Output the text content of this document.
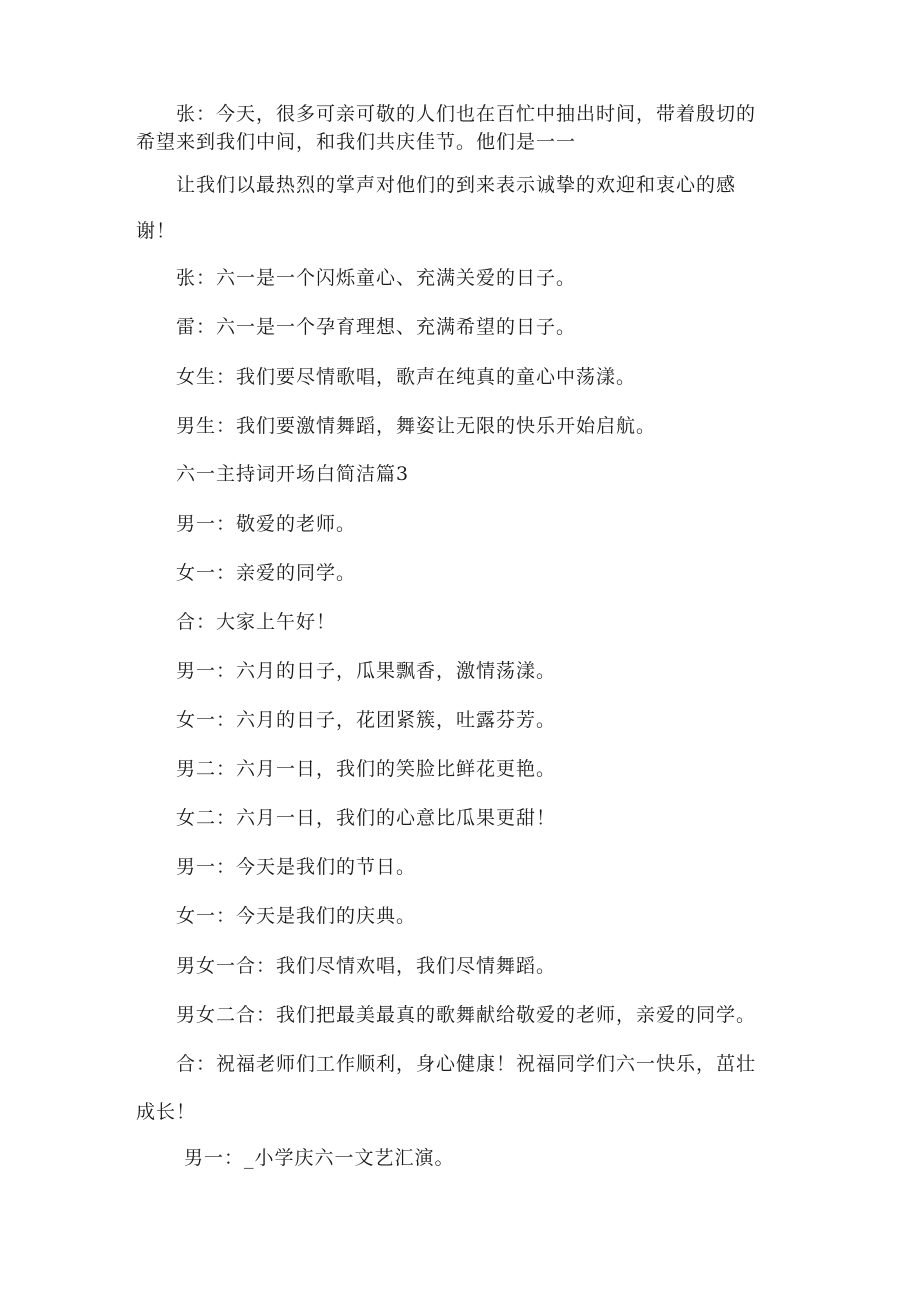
张：今天，很多可亲可敬的人们也在百忙中抽出时间，带着殷切的
希望来到我们中间，和我们共庆佳节。他们是一一
让我们以最热烈的掌声对他们的到来表示诚挚的欢迎和衷心的感
谢！
张：六一是一个闪烁童心、充满关爱的日子。
雷：六一是一个孕育理想、充满希望的日子。
女生：我们要尽情歌唱，歌声在纯真的童心中荡漾。
男生：我们要激情舞蹈，舞姿让无限的快乐开始启航。
六一主持词开场白简洁篇3
男一：敬爱的老师。
女一：亲爱的同学。
合：大家上午好！
男一：六月的日子，瓜果飘香，激情荡漾。
女一：六月的日子，花团紧簇，吐露芬芳。
男二：六月一日，我们的笑脸比鲜花更艳。
女二：六月一日，我们的心意比瓜果更甜！
男一：今天是我们的节日。
女一：今天是我们的庆典。
男女一合：我们尽情欢唱，我们尽情舞蹈。
男女二合：我们把最美最真的歌舞献给敬爱的老师，亲爱的同学。
合：祝福老师们工作顺利，身心健康！祝福同学们六一快乐，茁壮
成长！
男一：_小学庆六一文艺汇演。
